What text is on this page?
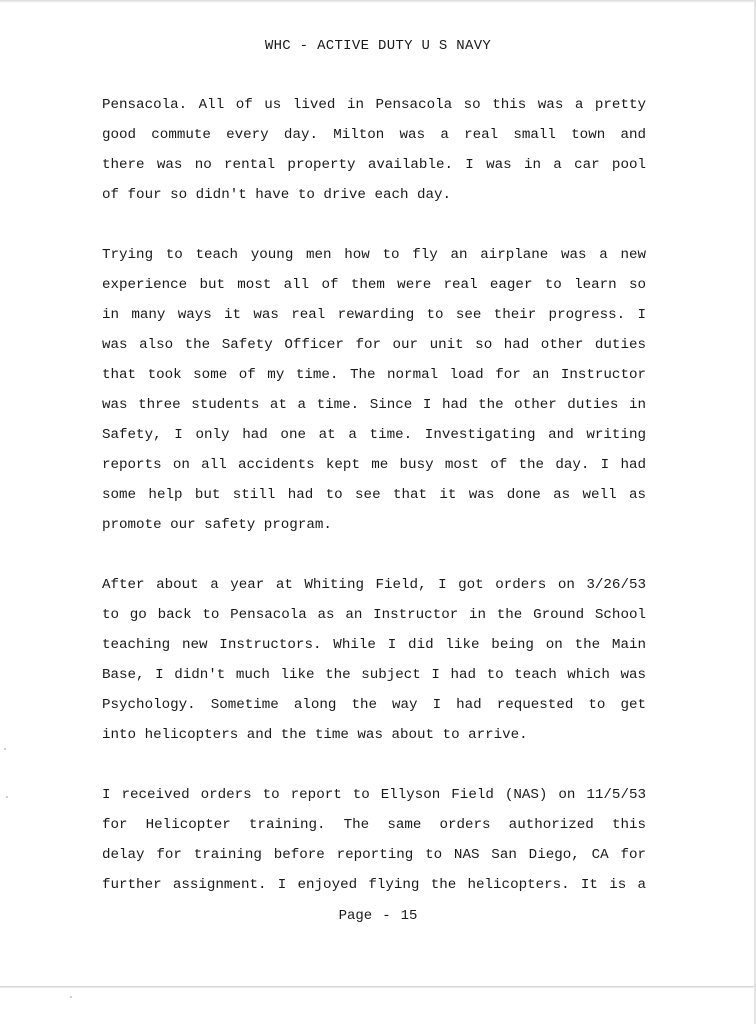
WHC - ACTIVE DUTY U S NAVY
Pensacola. All of us lived in Pensacola so this was a pretty
good commute every day. Milton was a real small town and
there was no rental property available. I was in a car pool
of four so didn't have to drive each day.
Trying to teach young men how to fly an airplane was a new
experience but most all of them were real eager to learn so
in many ways it was real rewarding to see their progress. I
was also the Safety Officer for our unit so had other duties
that took some of my time. The normal load for an Instructor
was three students at a time. Since I had the other duties in
Safety, I only had one at a time. Investigating and writing
reports on all accidents kept me busy most of the day. I had
some help but still had to see that it was done as well as
promote our safety program.
After about a year at Whiting Field, I got orders on 3/26/53
to go back to Pensacola as an Instructor in the Ground School
teaching new Instructors. While I did like being on the Main
Base, I didn't much like the subject I had to teach which was
Psychology. Sometime along the way I had requested to get
into helicopters and the time was about to arrive.
I received orders to report to Ellyson Field (NAS) on 11/5/53
for Helicopter training. The same orders authorized this
delay for training before reporting to NAS San Diego, CA for
further assignment. I enjoyed flying the helicopters. It is a
Page - 15
